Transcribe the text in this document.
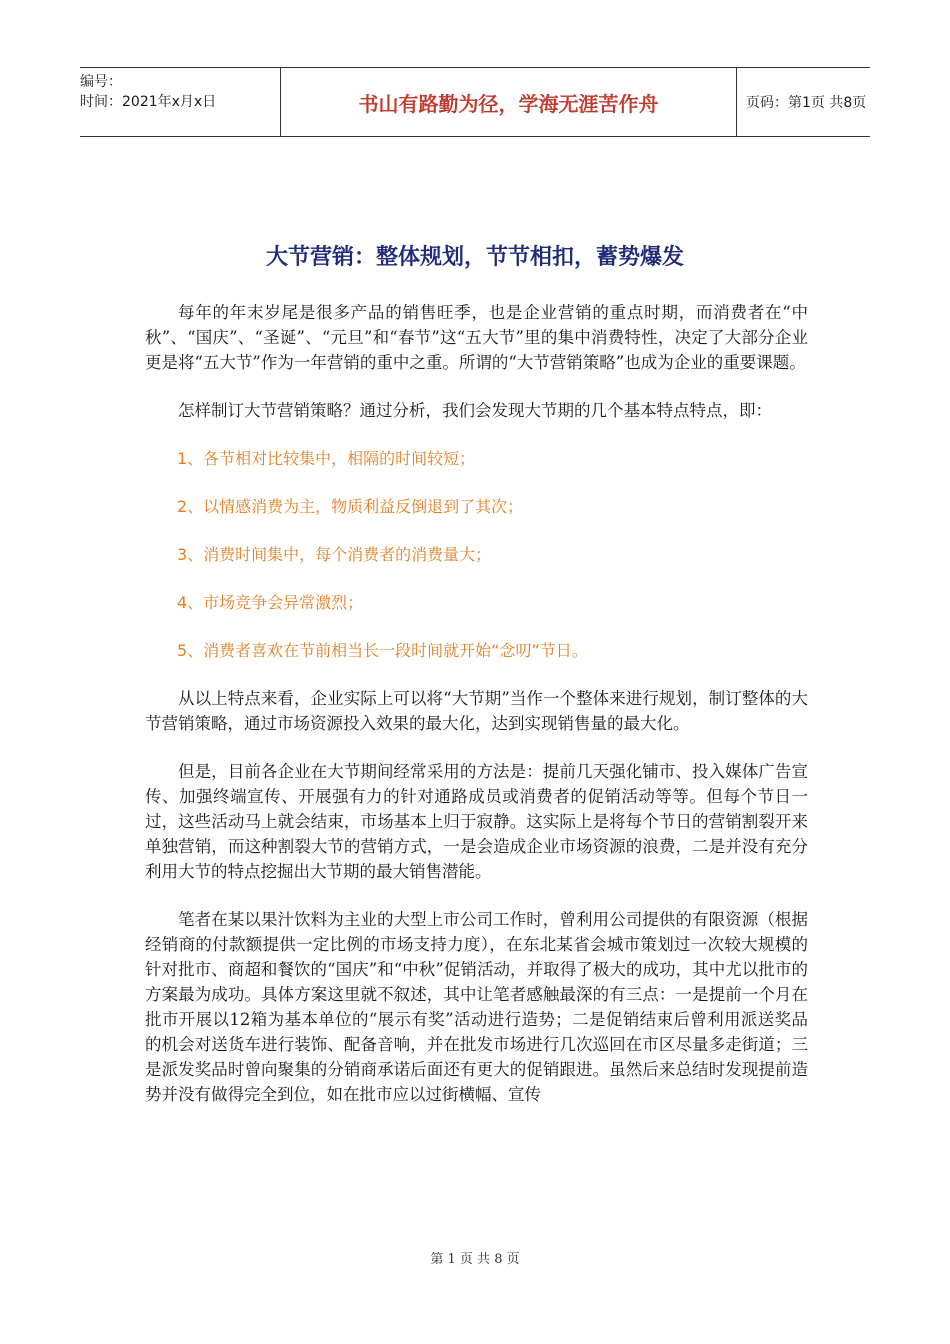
编号：
时间：2021年x月x日	书山有路勤为径，学海无涯苦作舟	页码：第1页 共8页
大节营销：整体规划，节节相扣，蓄势爆发

每年的年末岁尾是很多产品的销售旺季，也是企业营销的重点时期，而消费者在“中秋”、“国庆”、“圣诞”、“元旦”和“春节”这“五大节”里的集中消费特性，决定了大部分企业更是将“五大节”作为一年营销的重中之重。所谓的“大节营销策略”也成为企业的重要课题。

怎样制订大节营销策略？通过分析，我们会发现大节期的几个基本特点特点，即：

1、各节相对比较集中，相隔的时间较短；

2、以情感消费为主，物质利益反倒退到了其次；

3、消费时间集中，每个消费者的消费量大；

4、市场竞争会异常激烈；

5、消费者喜欢在节前相当长一段时间就开始“念叨”节日。

从以上特点来看，企业实际上可以将“大节期”当作一个整体来进行规划，制订整体的大节营销策略，通过市场资源投入效果的最大化，达到实现销售量的最大化。

但是，目前各企业在大节期间经常采用的方法是：提前几天强化铺市、投入媒体广告宣传、加强终端宣传、开展强有力的针对通路成员或消费者的促销活动等等。但每个节日一过，这些活动马上就会结束，市场基本上归于寂静。这实际上是将每个节日的营销割裂开来单独营销，而这种割裂大节的营销方式，一是会造成企业市场资源的浪费，二是并没有充分利用大节的特点挖掘出大节期的最大销售潜能。

笔者在某以果汁饮料为主业的大型上市公司工作时，曾利用公司提供的有限资源（根据经销商的付款额提供一定比例的市场支持力度），在东北某省会城市策划过一次较大规模的针对批市、商超和餐饮的“国庆”和“中秋”促销活动，并取得了极大的成功，其中尤以批市的方案最为成功。具体方案这里就不叙述，其中让笔者感触最深的有三点：一是提前一个月在批市开展以12箱为基本单位的“展示有奖”活动进行造势；二是促销结束后曾利用派送奖品的机会对送货车进行装饰、配备音响，并在批发市场进行几次巡回在市区尽量多走街道；三是派发奖品时曾向聚集的分销商承诺后面还有更大的促销跟进。虽然后来总结时发现提前造势并没有做得完全到位，如在批市应以过街横幅、宣传

第 1 页 共 8 页
